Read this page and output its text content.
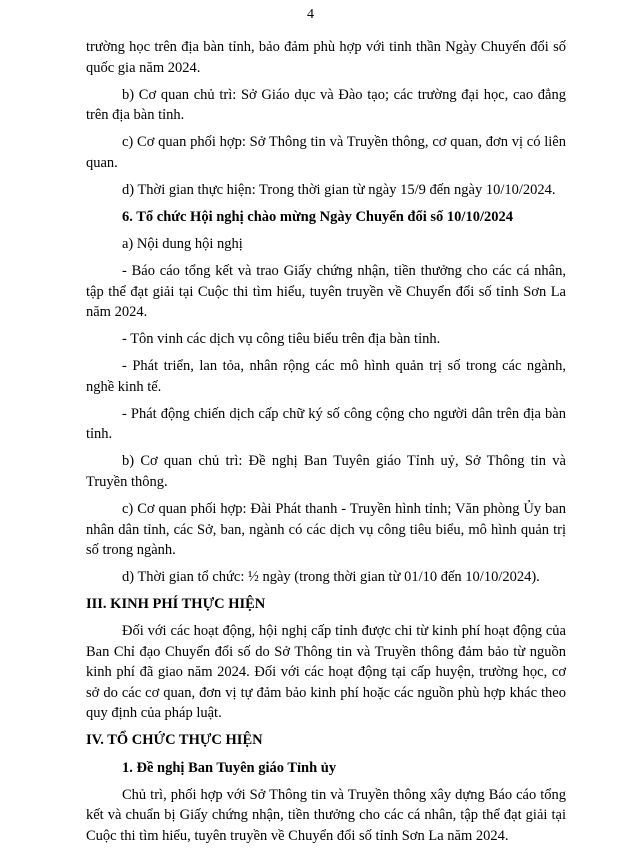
4

trường học trên địa bàn tỉnh, bảo đảm phù hợp với tinh thần Ngày Chuyển đổi số quốc gia năm 2024.

b) Cơ quan chủ trì: Sở Giáo dục và Đào tạo; các trường đại học, cao đẳng trên địa bàn tỉnh.

c) Cơ quan phối hợp: Sở Thông tin và Truyền thông, cơ quan, đơn vị có liên quan.

d) Thời gian thực hiện: Trong thời gian từ ngày 15/9 đến ngày 10/10/2024.

6. Tổ chức Hội nghị chào mừng Ngày Chuyển đổi số 10/10/2024

a) Nội dung hội nghị

- Báo cáo tổng kết và trao Giấy chứng nhận, tiền thưởng cho các cá nhân, tập thể đạt giải tại Cuộc thi tìm hiểu, tuyên truyền về Chuyển đổi số tỉnh Sơn La năm 2024.

- Tôn vinh các dịch vụ công tiêu biểu trên địa bàn tỉnh.

- Phát triển, lan tỏa, nhân rộng các mô hình quản trị số trong các ngành, nghề kinh tế.

- Phát động chiến dịch cấp chữ ký số công cộng cho người dân trên địa bàn tỉnh.

b) Cơ quan chủ trì: Đề nghị Ban Tuyên giáo Tỉnh uỷ, Sở Thông tin và Truyền thông.

c) Cơ quan phối hợp: Đài Phát thanh - Truyền hình tỉnh; Văn phòng Ủy ban nhân dân tỉnh, các Sở, ban, ngành có các dịch vụ công tiêu biểu, mô hình quản trị số trong ngành.

d) Thời gian tổ chức: ½ ngày (trong thời gian từ 01/10 đến 10/10/2024).

III. KINH PHÍ THỰC HIỆN

Đối với các hoạt động, hội nghị cấp tỉnh được chi từ kinh phí hoạt động của Ban Chỉ đạo Chuyển đổi số do Sở Thông tin và Truyền thông đảm bảo từ nguồn kinh phí đã giao năm 2024. Đối với các hoạt động tại cấp huyện, trường học, cơ sở do các cơ quan, đơn vị tự đảm bảo kinh phí hoặc các nguồn phù hợp khác theo quy định của pháp luật.

IV. TỔ CHỨC THỰC HIỆN

1. Đề nghị Ban Tuyên giáo Tỉnh ủy

Chủ trì, phối hợp với Sở Thông tin và Truyền thông xây dựng Báo cáo tổng kết và chuẩn bị Giấy chứng nhận, tiền thưởng cho các cá nhân, tập thể đạt giải tại Cuộc thi tìm hiểu, tuyên truyền về Chuyển đổi số tỉnh Sơn La năm 2024.
